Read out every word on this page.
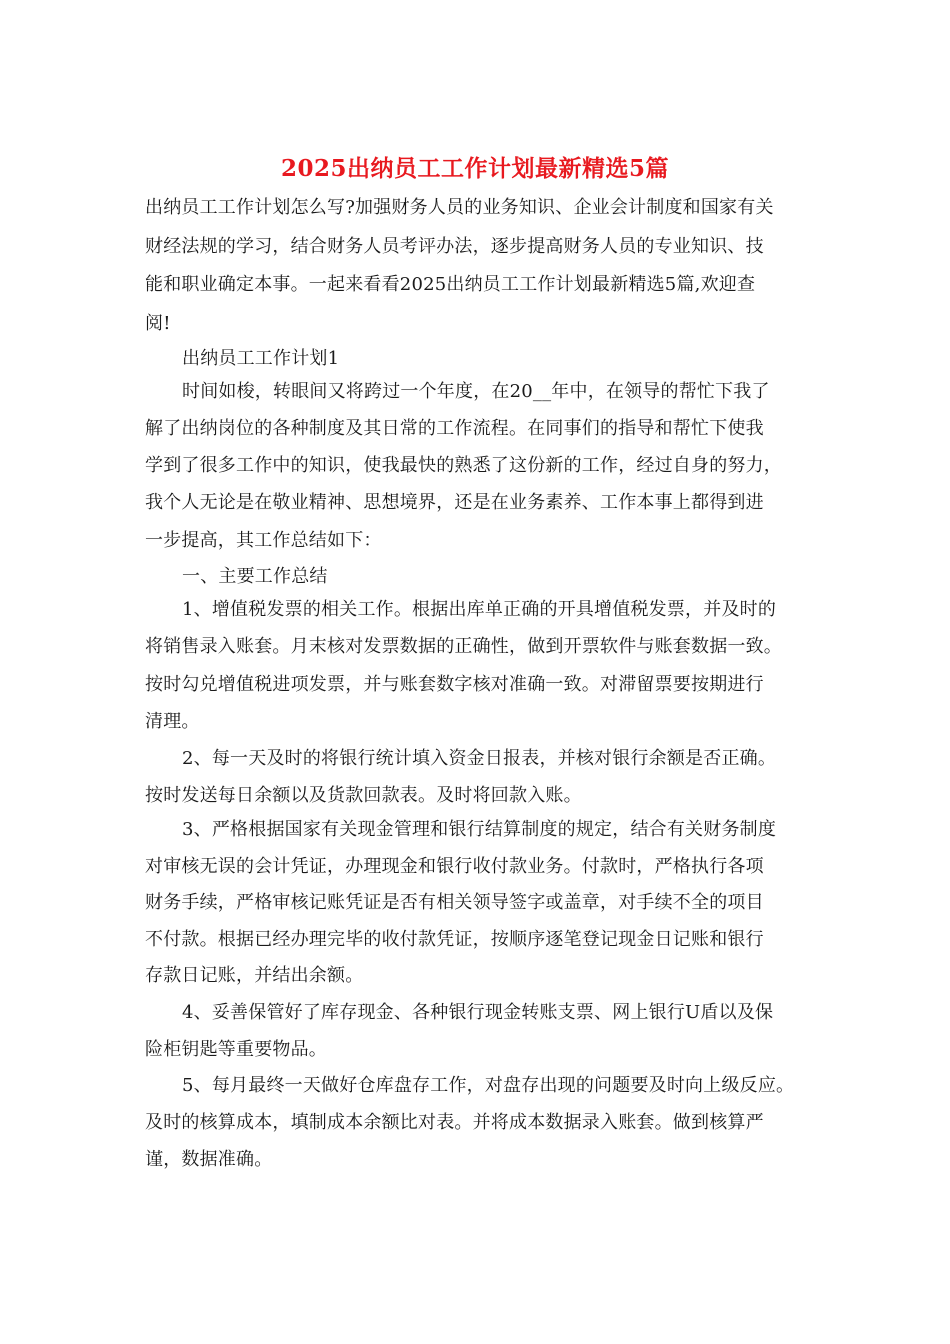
2025出纳员工工作计划最新精选5篇
出纳员工工作计划怎么写?加强财务人员的业务知识、企业会计制度和国家有关
财经法规的学习，结合财务人员考评办法，逐步提高财务人员的专业知识、技
能和职业确定本事。一起来看看2025出纳员工工作计划最新精选5篇,欢迎查
阅!
出纳员工工作计划1
时间如梭，转眼间又将跨过一个年度，在20__年中，在领导的帮忙下我了
解了出纳岗位的各种制度及其日常的工作流程。在同事们的指导和帮忙下使我
学到了很多工作中的知识，使我最快的熟悉了这份新的工作，经过自身的努力，
我个人无论是在敬业精神、思想境界，还是在业务素养、工作本事上都得到进
一步提高，其工作总结如下：
一、主要工作总结
1、增值税发票的相关工作。根据出库单正确的开具增值税发票，并及时的
将销售录入账套。月末核对发票数据的正确性，做到开票软件与账套数据一致。
按时勾兑增值税进项发票，并与账套数字核对准确一致。对滞留票要按期进行
清理。
2、每一天及时的将银行统计填入资金日报表，并核对银行余额是否正确。
按时发送每日余额以及货款回款表。及时将回款入账。
3、严格根据国家有关现金管理和银行结算制度的规定，结合有关财务制度
对审核无误的会计凭证，办理现金和银行收付款业务。付款时，严格执行各项
财务手续，严格审核记账凭证是否有相关领导签字或盖章，对手续不全的项目
不付款。根据已经办理完毕的收付款凭证，按顺序逐笔登记现金日记账和银行
存款日记账，并结出余额。
4、妥善保管好了库存现金、各种银行现金转账支票、网上银行U盾以及保
险柜钥匙等重要物品。
5、每月最终一天做好仓库盘存工作，对盘存出现的问题要及时向上级反应。
及时的核算成本，填制成本余额比对表。并将成本数据录入账套。做到核算严
谨，数据准确。
